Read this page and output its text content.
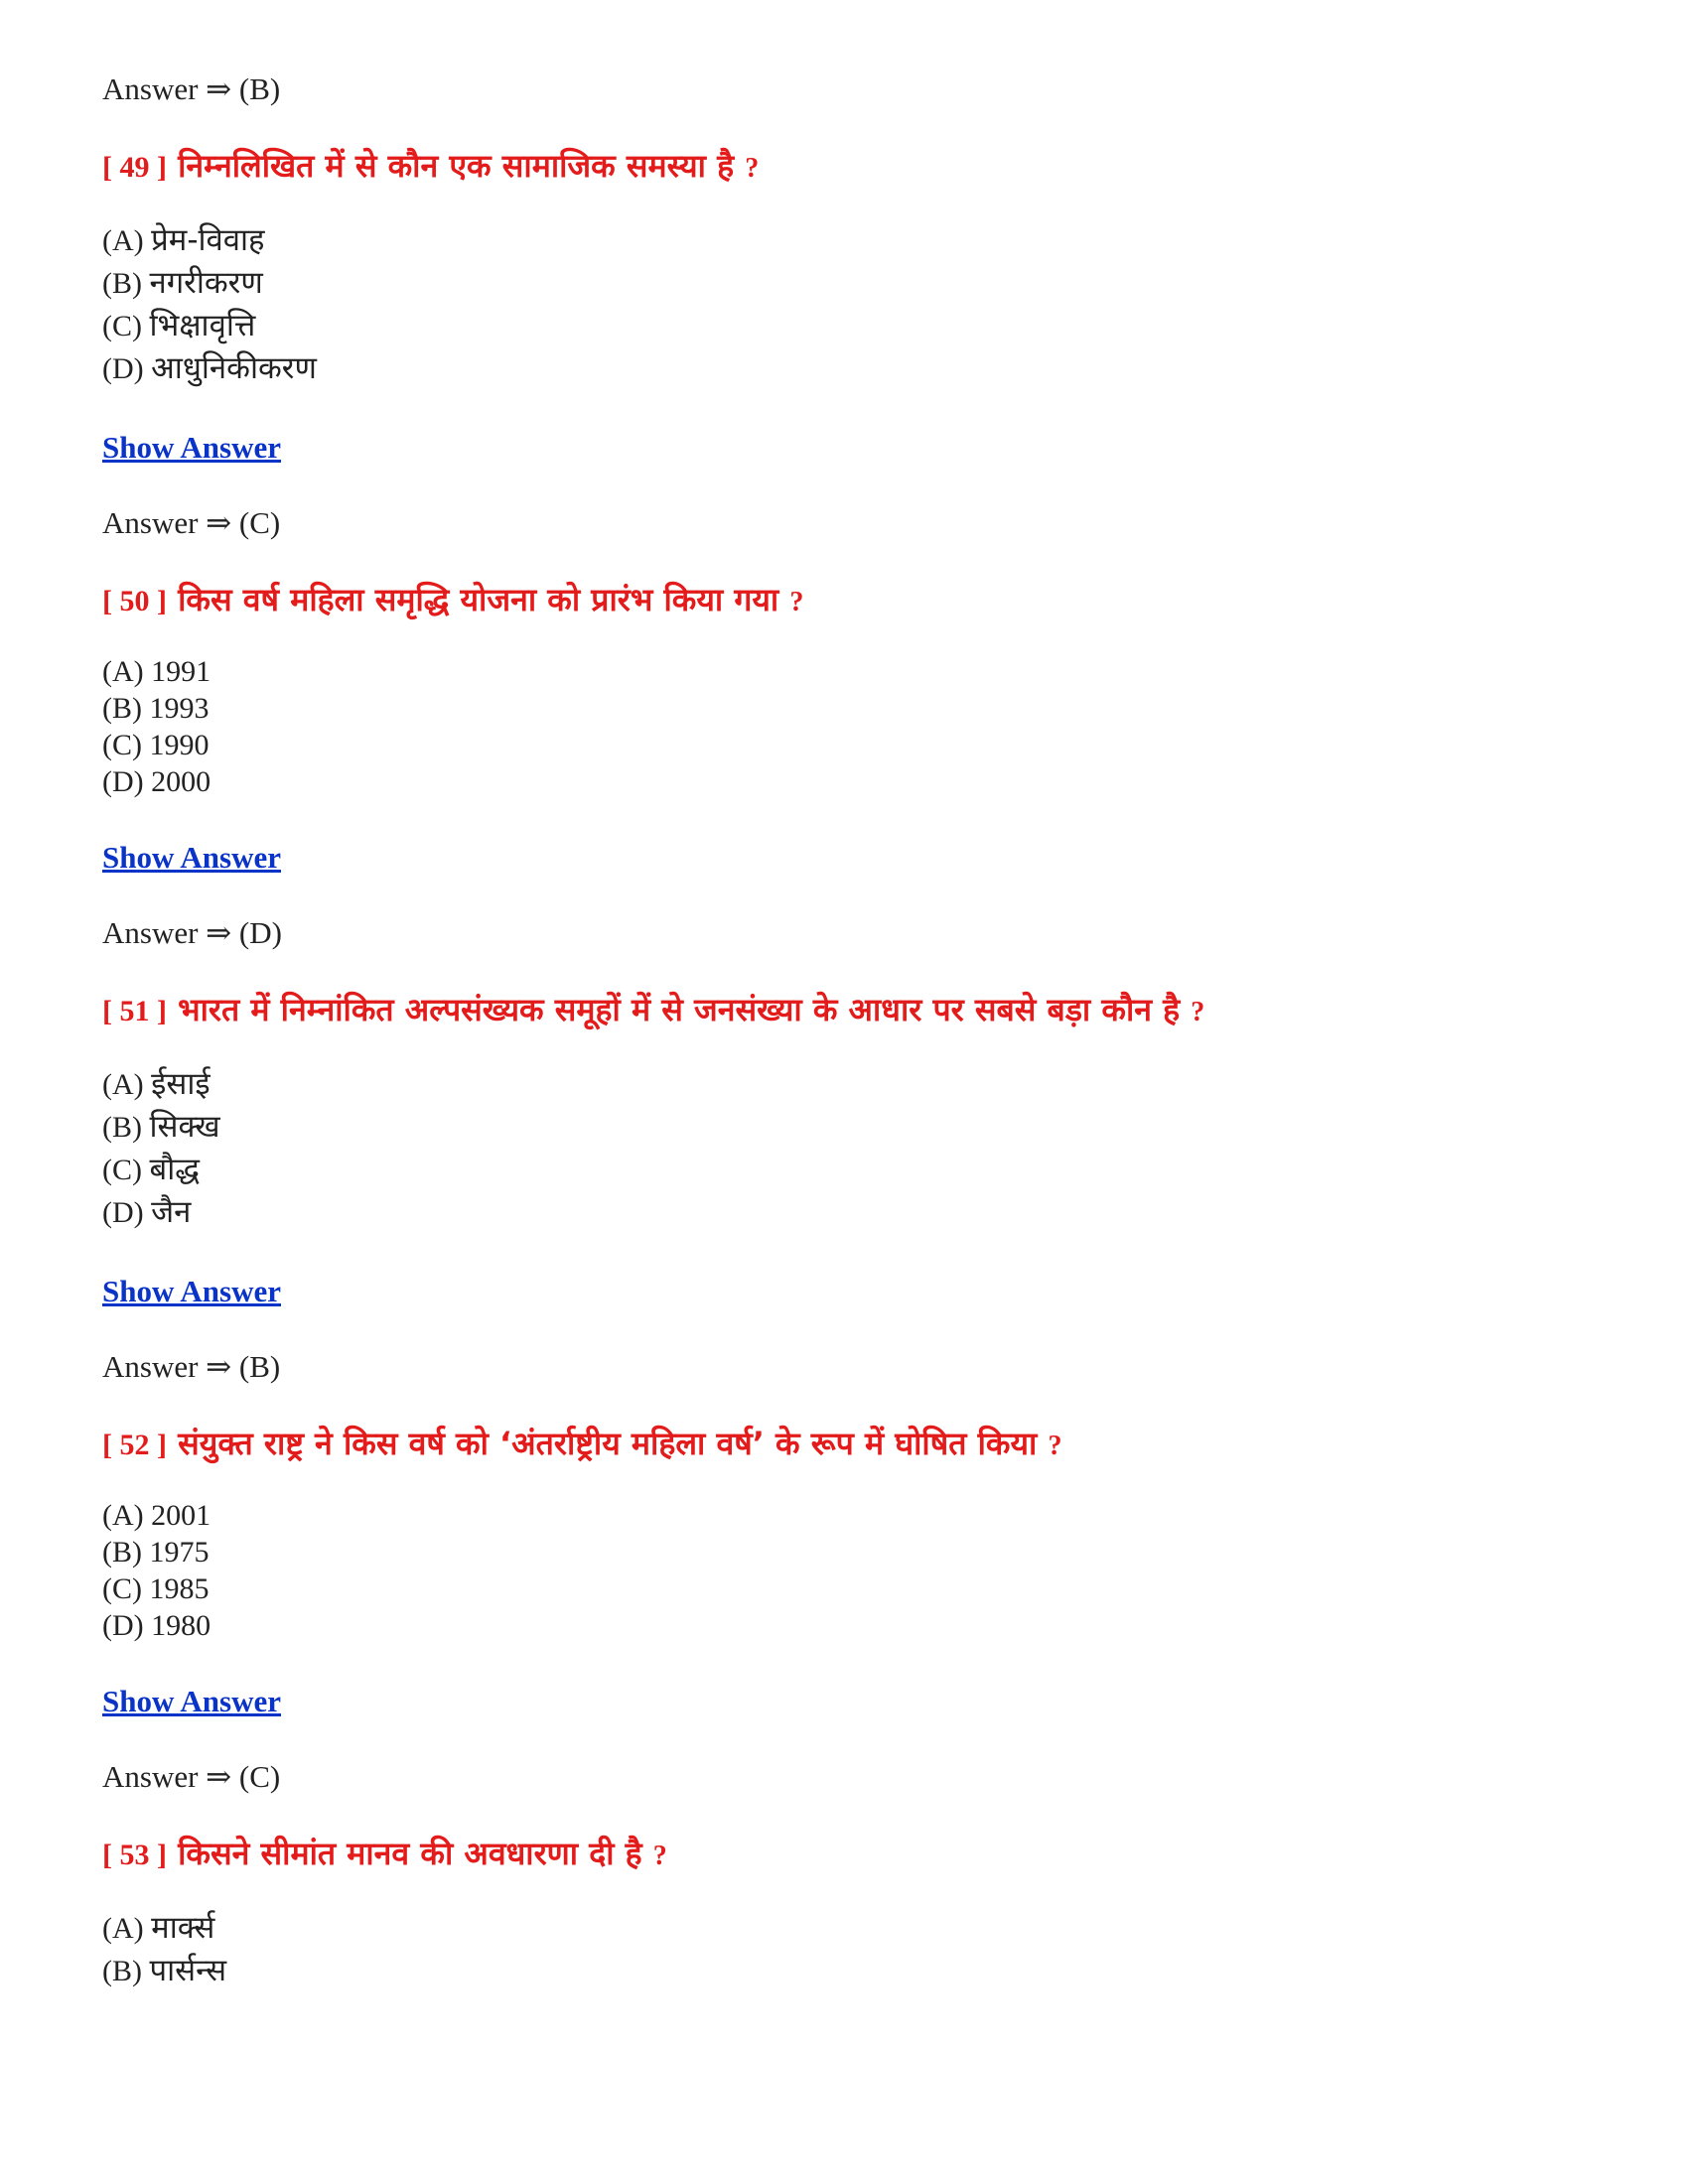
Answer ⇒ (B)

[ 49 ] निम्नलिखित में से कौन एक सामाजिक समस्या है ?
(A) प्रेम-विवाह
(B) नगरीकरण
(C) भिक्षावृत्ति
(D) आधुनिकीकरण
Show Answer

Answer ⇒ (C)

[ 50 ] किस वर्ष महिला समृद्धि योजना को प्रारंभ किया गया ?
(A) 1991
(B) 1993
(C) 1990
(D) 2000
Show Answer

Answer ⇒ (D)

[ 51 ] भारत में निम्नांकित अल्पसंख्यक समूहों में से जनसंख्या के आधार पर सबसे बड़ा कौन है ?
(A) ईसाई
(B) सिक्ख
(C) बौद्ध
(D) जैन
Show Answer

Answer ⇒ (B)

[ 52 ] संयुक्त राष्ट्र ने किस वर्ष को ‘अंतर्राष्ट्रीय महिला वर्ष’ के रूप में घोषित किया ?
(A) 2001
(B) 1975
(C) 1985
(D) 1980
Show Answer

Answer ⇒ (C)

[ 53 ] किसने सीमांत मानव की अवधारणा दी है ?
(A) मार्क्स
(B) पार्सन्स
